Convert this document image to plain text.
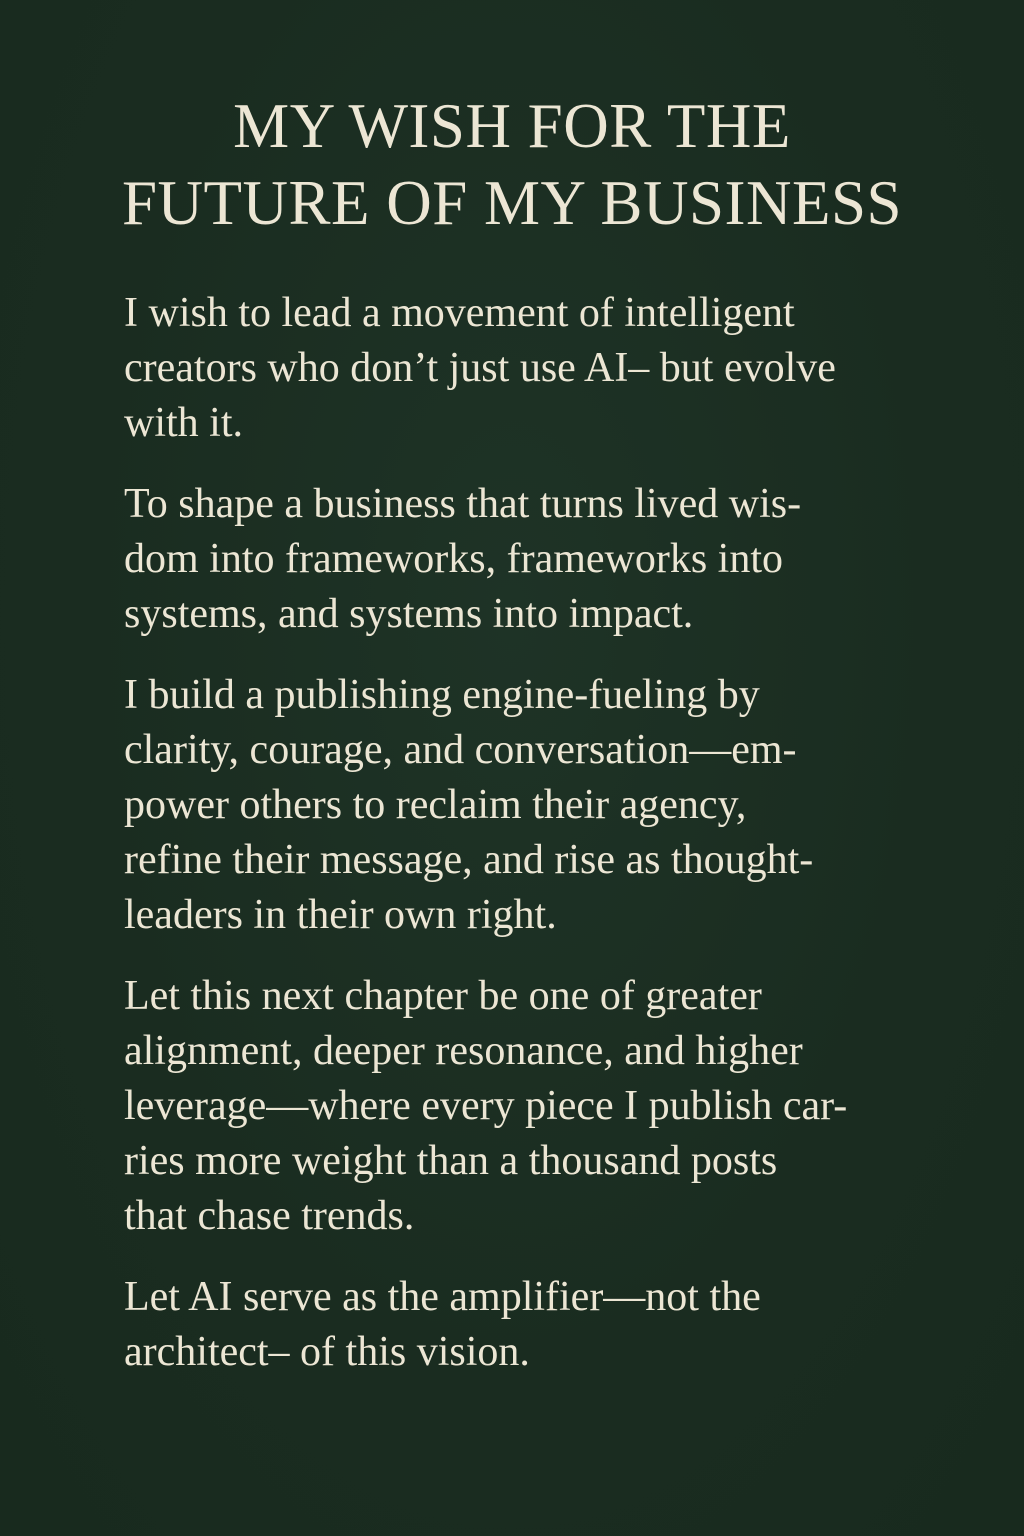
MY WISH FOR THE
FUTURE OF MY BUSINESS

I wish to lead a movement of intelligent
creators who don’t just use AI– but evolve
with it.

To shape a business that turns lived wis-
dom into frameworks, frameworks into
systems, and systems into impact.

I build a publishing engine-fueling by
clarity, courage, and conversation—em-
power others to reclaim their agency,
refine their message, and rise as thought-
leaders in their own right.

Let this next chapter be one of greater
alignment, deeper resonance, and higher
leverage—where every piece I publish car-
ries more weight than a thousand posts
that chase trends.

Let AI serve as the amplifier—not the
architect– of this vision.
